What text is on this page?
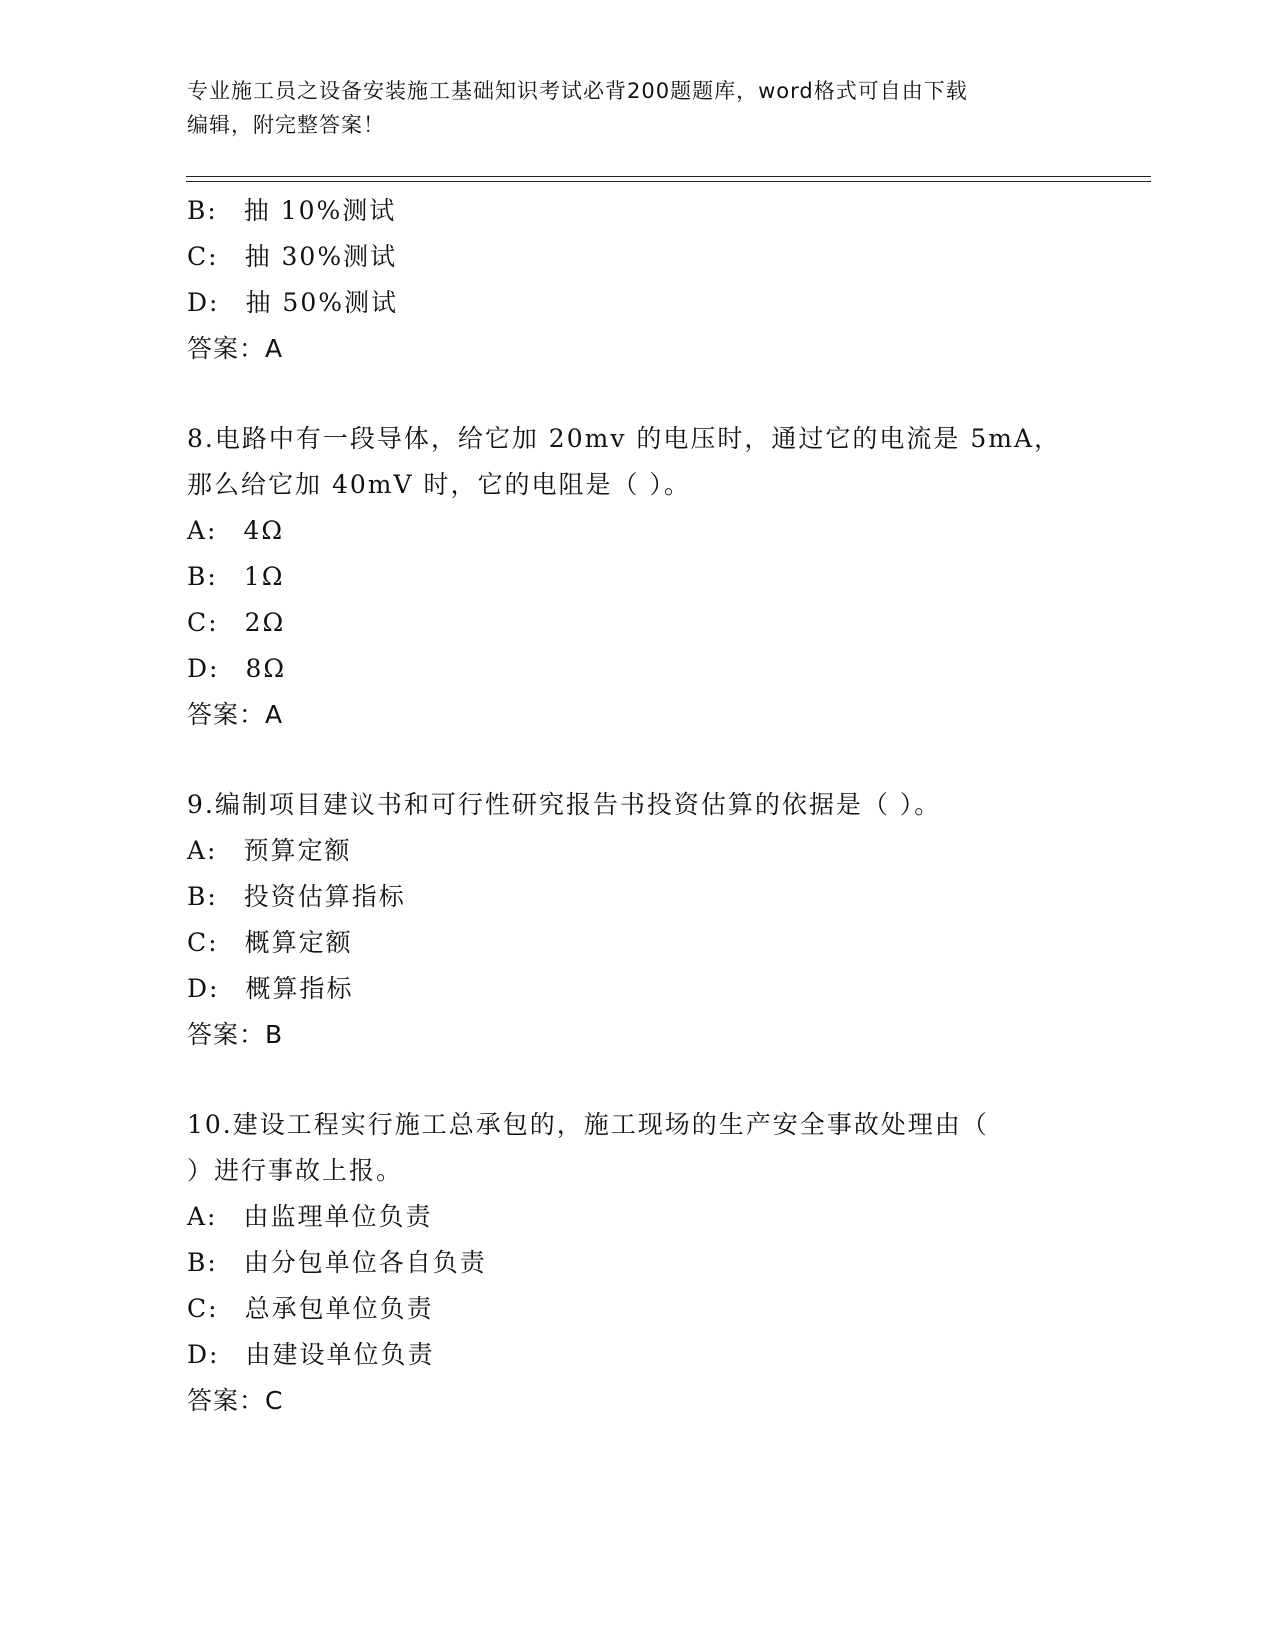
专业施工员之设备安装施工基础知识考试必背200题题库，word格式可自由下载
编辑，附完整答案！
B: 抽 10%测试
C: 抽 30%测试
D: 抽 50%测试
答案：A
8.电路中有一段导体，给它加 20mv 的电压时，通过它的电流是 5mA，
那么给它加 40mV 时，它的电阻是（ ）。
A: 4Ω
B: 1Ω
C: 2Ω
D: 8Ω
答案：A
9.编制项目建议书和可行性研究报告书投资估算的依据是（ ）。
A: 预算定额
B: 投资估算指标
C: 概算定额
D: 概算指标
答案：B
10.建设工程实行施工总承包的，施工现场的生产安全事故处理由（
）进行事故上报。
A: 由监理单位负责
B: 由分包单位各自负责
C: 总承包单位负责
D: 由建设单位负责
答案：C
